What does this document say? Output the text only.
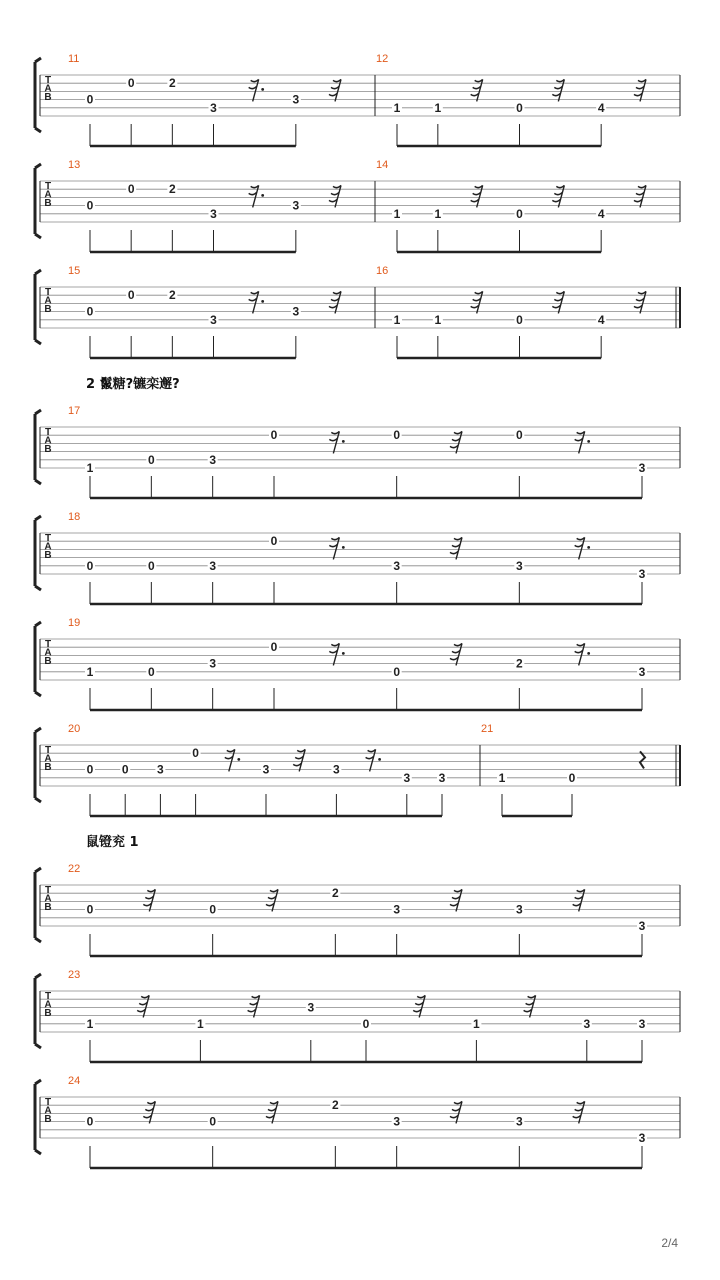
T
A
B
11
0
0	2
3
3
12
1	1	0	4
T
A
B
13
0
0	2
3
3
14
1	1	0	4
T
A
B
15
0
0	2
3
3
16
1	1	0	4
T
A
B
17
1
0	3
0	0	0
3
T
A
B
18
0	0	3
0
3	3
3
T
A
B
19
1	0
3
0
0
2
3
T
A
B
20
0 0 3
0
3	3
3 3
21
1	0
T
A
B
22
0	0
2
3	3
3
T
A
B
23
1	1
3
0	1	3	3
T
A
B
24
0	0
2
3	3
3
2 鬣糖?镳栾邂?
鼠镫兖 1
2/4
